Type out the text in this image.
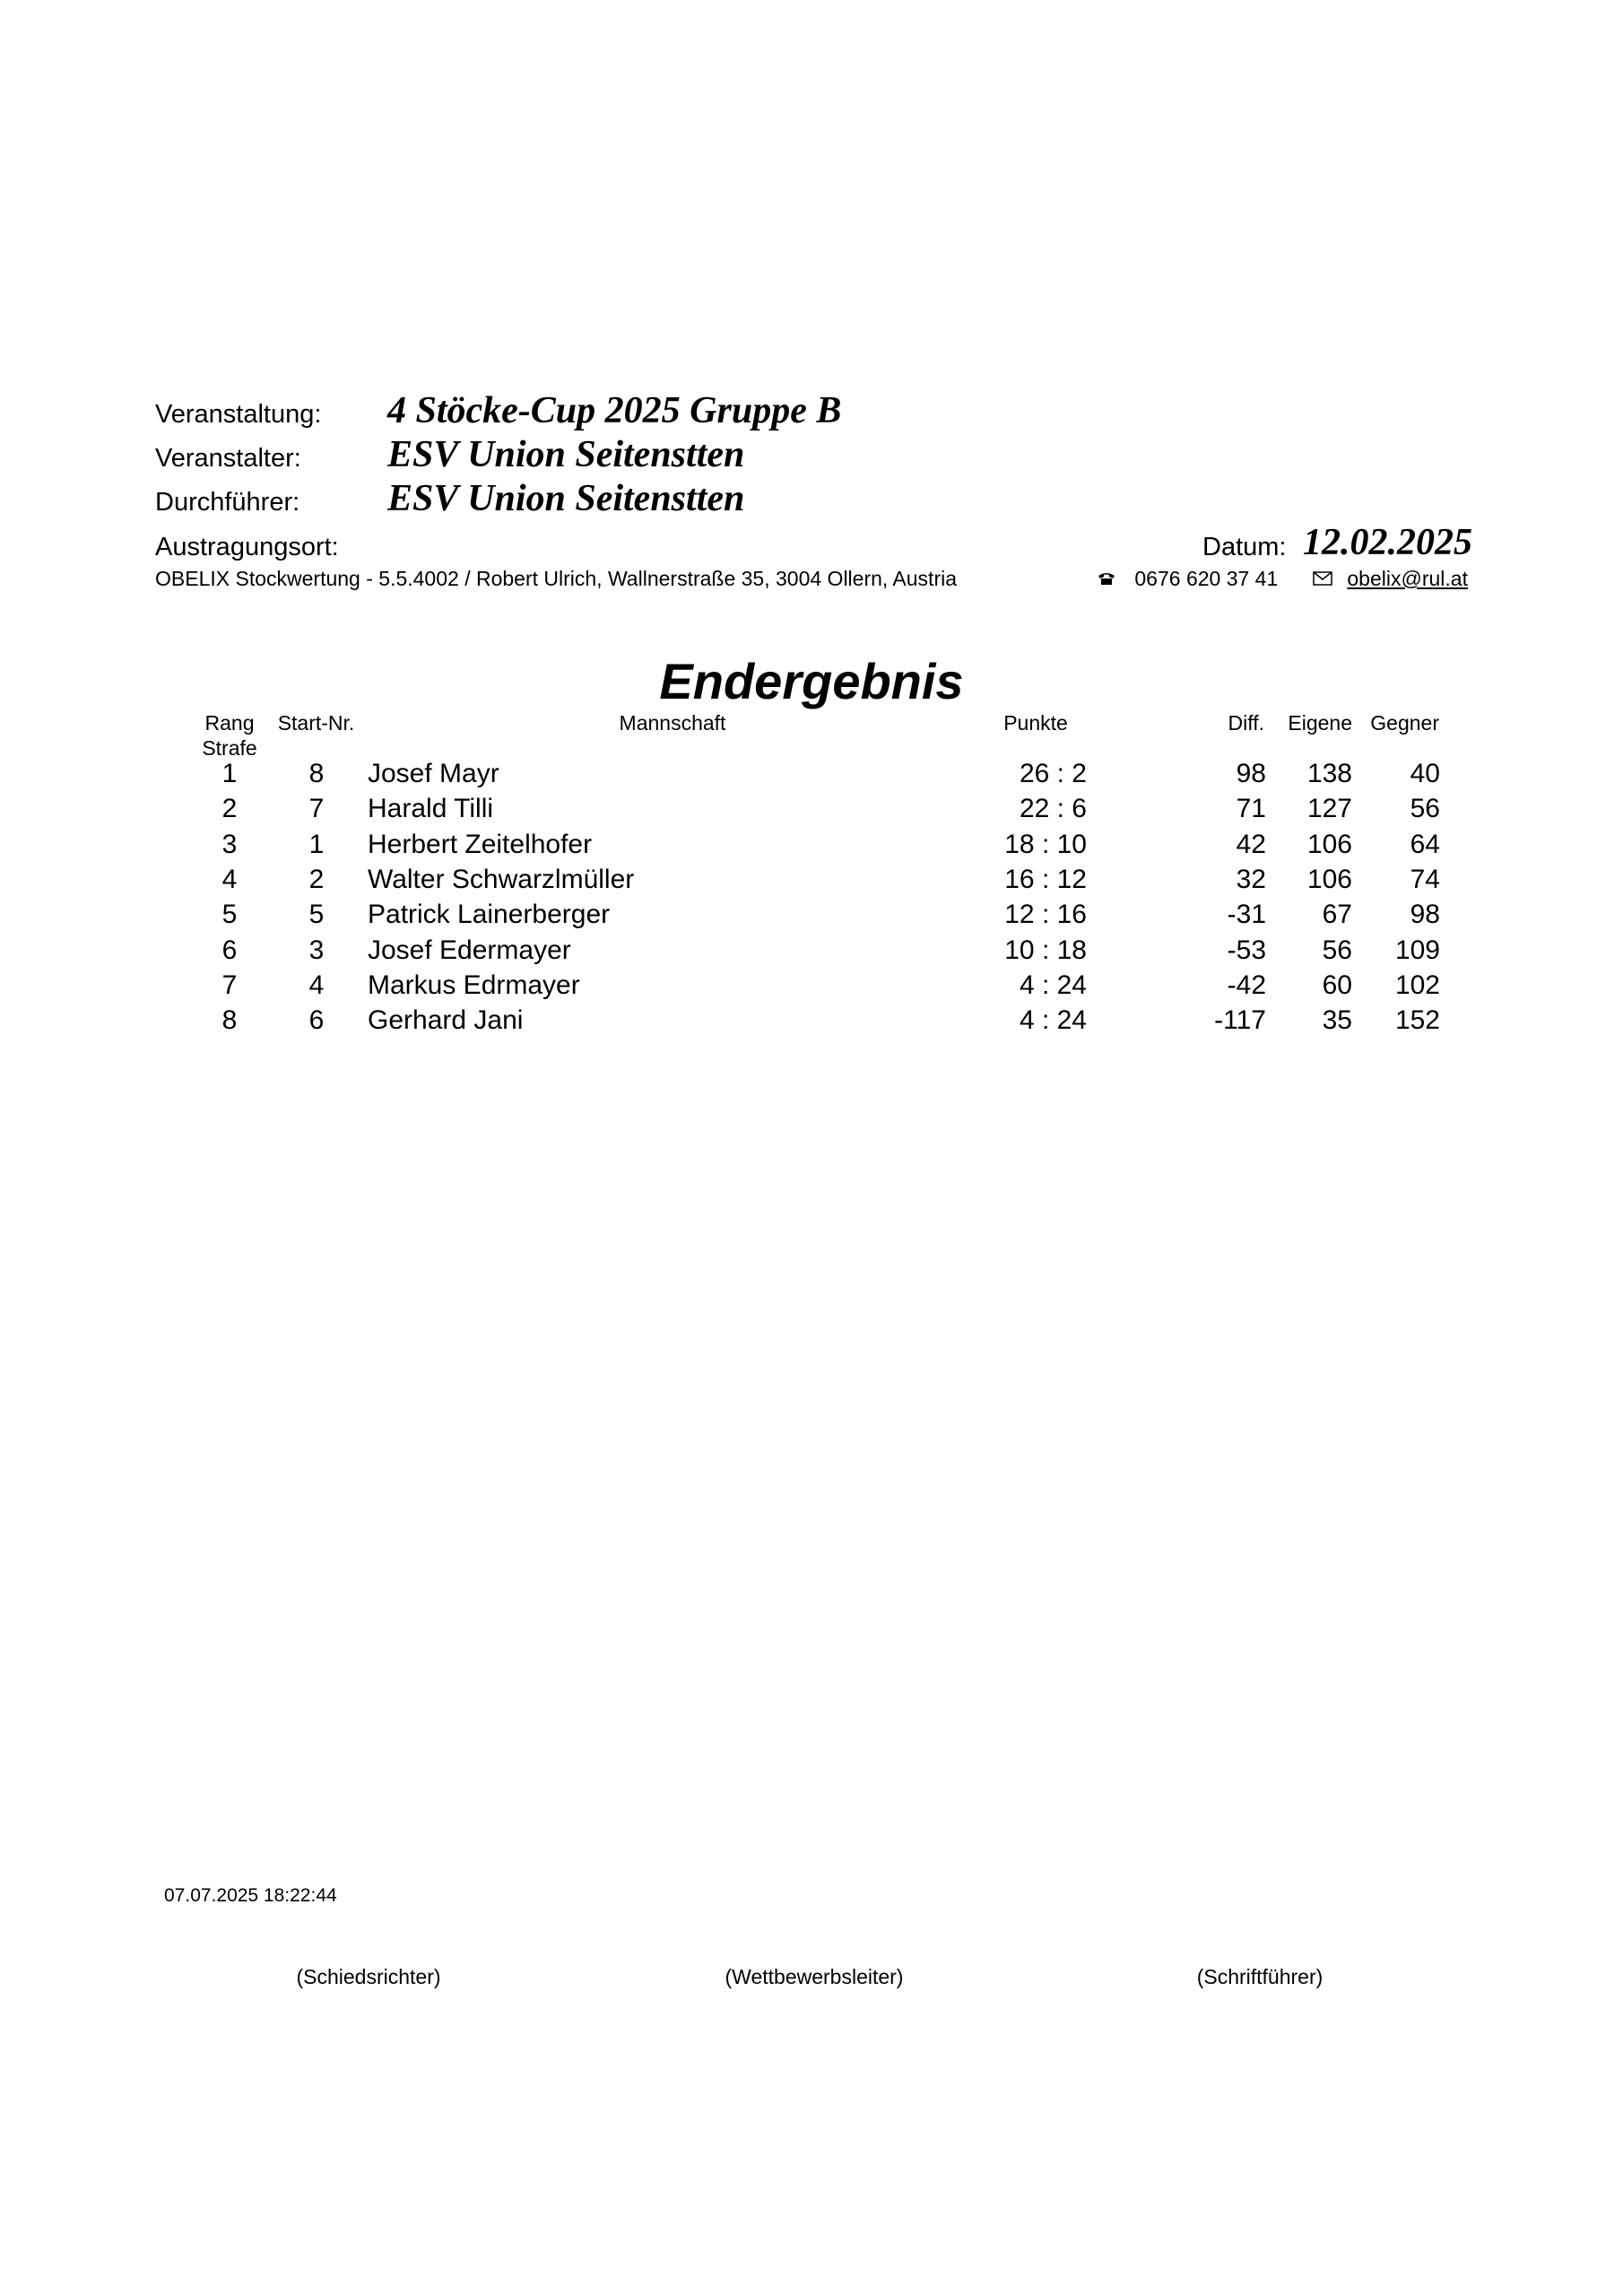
Veranstaltung: 4 Stöcke-Cup 2025 Gruppe B
Veranstalter: ESV Union Seitenstten
Durchführer: ESV Union Seitenstten
Austragungsort:	Datum: 12.02.2025
OBELIX Stockwertung - 5.5.4002 / Robert Ulrich, Wallnerstraße 35, 3004 Ollern, Austria	0676 620 37 41	obelix@rul.at
Endergebnis
Rang
Strafe
Start-Nr.	Mannschaft	Punkte	Diff.	Eigene Gegner
1	8	Josef Mayr	26 : 2	98	138	40
2	7	Harald Tilli	22 : 6	71	127	56
3	1	Herbert Zeitelhofer	18 : 10	42	106	64
4	2	Walter Schwarzlmüller	16 : 12	32	106	74
5	5	Patrick Lainerberger	12 : 16	-31	67	98
6	3	Josef Edermayer	10 : 18	-53	56	109
7	4	Markus Edrmayer	4 : 24	-42	60	102
8	6	Gerhard Jani	4 : 24	-117	35	152
07.07.2025 18:22:44
(Schiedsrichter)	(Wettbewerbsleiter)	(Schriftführer)
